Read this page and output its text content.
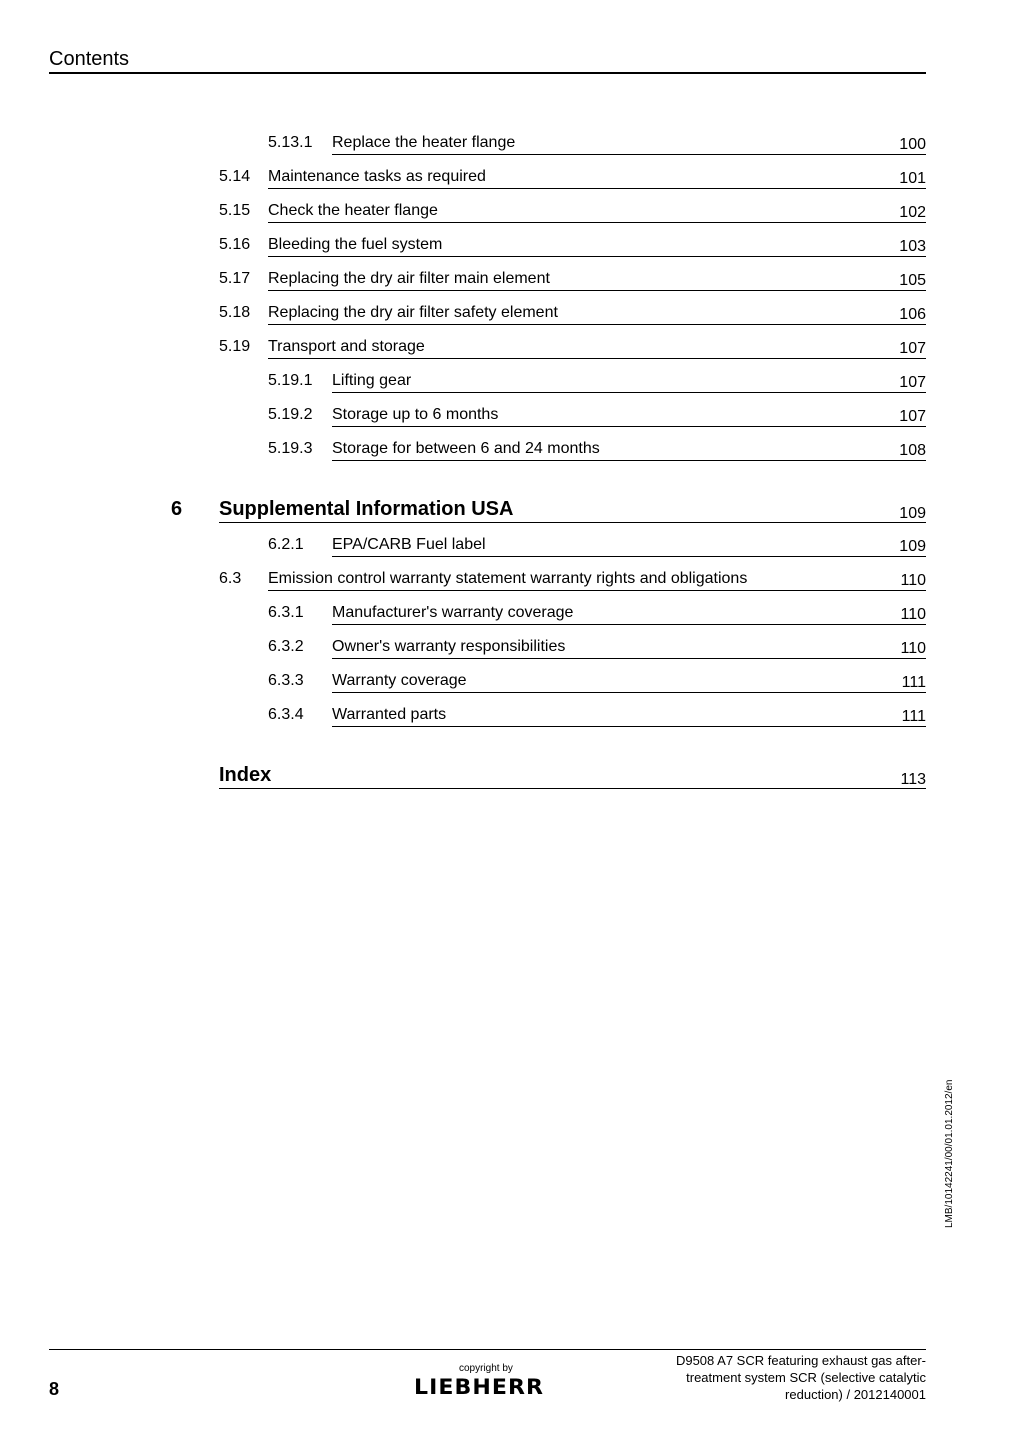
Contents
5.13.1 Replace the heater flange	100
5.14 Maintenance tasks as required	101
5.15 Check the heater flange	102
5.16 Bleeding the fuel system	103
5.17 Replacing the dry air filter main element	105
5.18 Replacing the dry air filter safety element	106
5.19 Transport and storage	107
5.19.1 Lifting gear	107
5.19.2 Storage up to 6 months	107
5.19.3 Storage for between 6 and 24 months	108
6 Supplemental Information USA	109
6.2.1 EPA/CARB Fuel label	109
6.3 Emission control warranty statement warranty rights and obligations	110
6.3.1 Manufacturer's warranty coverage	110
6.3.2 Owner's warranty responsibilities	110
6.3.3 Warranty coverage	111
6.3.4 Warranted parts	111
Index	113
LMB/10142241/00/01.01.2012/en
8
copyright by
LIEBHERR
D9508 A7 SCR featuring exhaust gas after-
treatment system SCR (selective catalytic
reduction) / 2012140001
